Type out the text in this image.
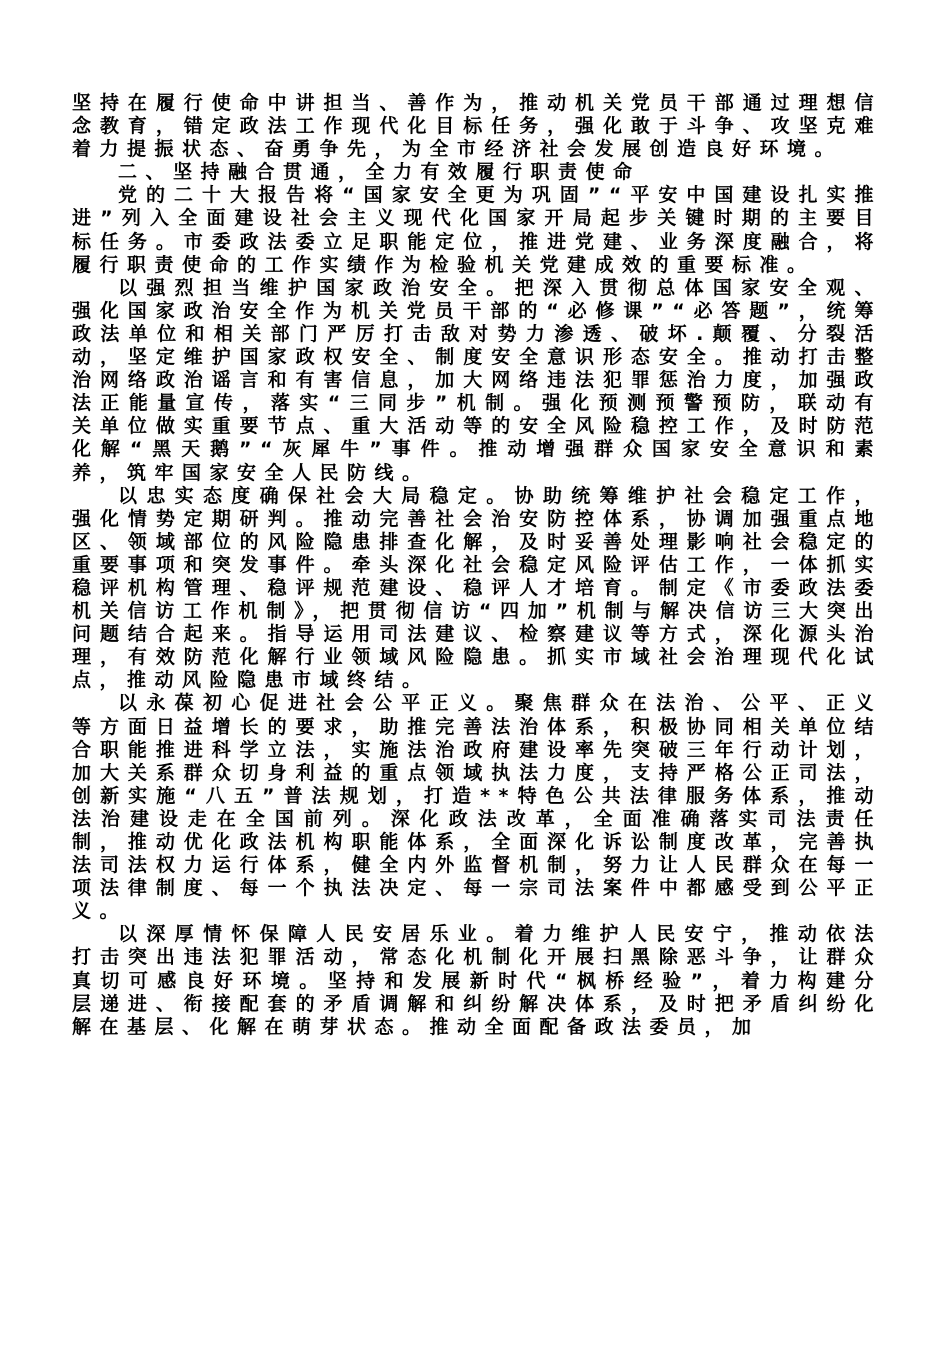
坚持在履行使命中讲担当、善作为，推动机关党员干部通过理想信念教育，错定政法工作现代化目标任务，强化敢于斗争、攻坚克难着力提振状态、奋勇争先，为全市经济社会发展创造良好环境。

二、坚持融合贯通，全力有效履行职责使命

党的二十大报告将“国家安全更为巩固”“平安中国建设扎实推进”列入全面建设社会主义现代化国家开局起步关键时期的主要目标任务。市委政法委立足职能定位，推进党建、业务深度融合，将履行职责使命的工作实绩作为检验机关党建成效的重要标准。

以强烈担当维护国家政治安全。把深入贯彻总体国家安全观、强化国家政治安全作为机关党员干部的“必修课”“必答题”，统筹政法单位和相关部门严厉打击敌对势力渗透、破坏.颠覆、分裂活动，坚定维护国家政权安全、制度安全意识形态安全。推动打击整治网络政治谣言和有害信息，加大网络违法犯罪惩治力度，加强政法正能量宣传，落实“三同步”机制。强化预测预警预防，联动有关单位做实重要节点、重大活动等的安全风险稳控工作，及时防范化解“黑天鹅”“灰犀牛”事件。推动增强群众国家安全意识和素养，筑牢国家安全人民防线。

以忠实态度确保社会大局稳定。协助统筹维护社会稳定工作，强化情势定期研判。推动完善社会治安防控体系，协调加强重点地区、领域部位的风险隐患排查化解，及时妥善处理影响社会稳定的重要事项和突发事件。牵头深化社会稳定风险评估工作，一体抓实稳评机构管理、稳评规范建设、稳评人才培育。制定《市委政法委机关信访工作机制》，把贯彻信访“四加”机制与解决信访三大突出问题结合起来。指导运用司法建议、检察建议等方式，深化源头治理，有效防范化解行业领域风险隐患。抓实市域社会治理现代化试点，推动风险隐患市域终结。

以永葆初心促进社会公平正义。聚焦群众在法治、公平、正义等方面日益增长的要求，助推完善法治体系，积极协同相关单位结合职能推进科学立法，实施法治政府建设率先突破三年行动计划，加大关系群众切身利益的重点领域执法力度，支持严格公正司法，创新实施“八五”普法规划，打造**特色公共法律服务体系，推动法治建设走在全国前列。深化政法改革，全面准确落实司法责任制，推动优化政法机构职能体系，全面深化诉讼制度改革，完善执法司法权力运行体系，健全内外监督机制，努力让人民群众在每一项法律制度、每一个执法决定、每一宗司法案件中都感受到公平正义。

以深厚情怀保障人民安居乐业。着力维护人民安宁，推动依法打击突出违法犯罪活动，常态化机制化开展扫黑除恶斗争，让群众真切可感良好环境。坚持和发展新时代“枫桥经验”，着力构建分层递进、衔接配套的矛盾调解和纠纷解决体系，及时把矛盾纠纷化解在基层、化解在萌芽状态。推动全面配备政法委员，加
